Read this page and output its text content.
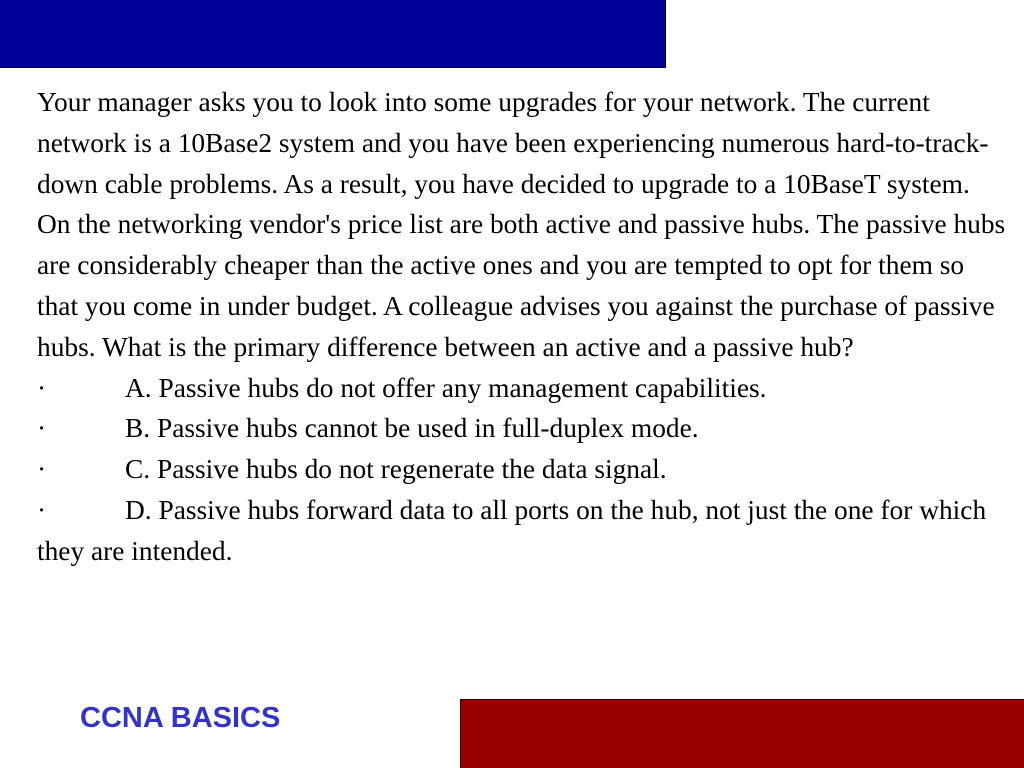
Your manager asks you to look into some upgrades for your network. The current network is a 10Base2 system and you have been experiencing numerous hard-to-track-down cable problems. As a result, you have decided to upgrade to a 10BaseT system. On the networking vendor's price list are both active and passive hubs. The passive hubs are considerably cheaper than the active ones and you are tempted to opt for them so that you come in under budget. A colleague advises you against the purchase of passive hubs. What is the primary difference between an active and a passive hub?

·	A. Passive hubs do not offer any management capabilities.

·	B. Passive hubs cannot be used in full-duplex mode.

·	C. Passive hubs do not regenerate the data signal.

·	D. Passive hubs forward data to all ports on the hub, not just the one for which they are intended.

CCNA BASICS
